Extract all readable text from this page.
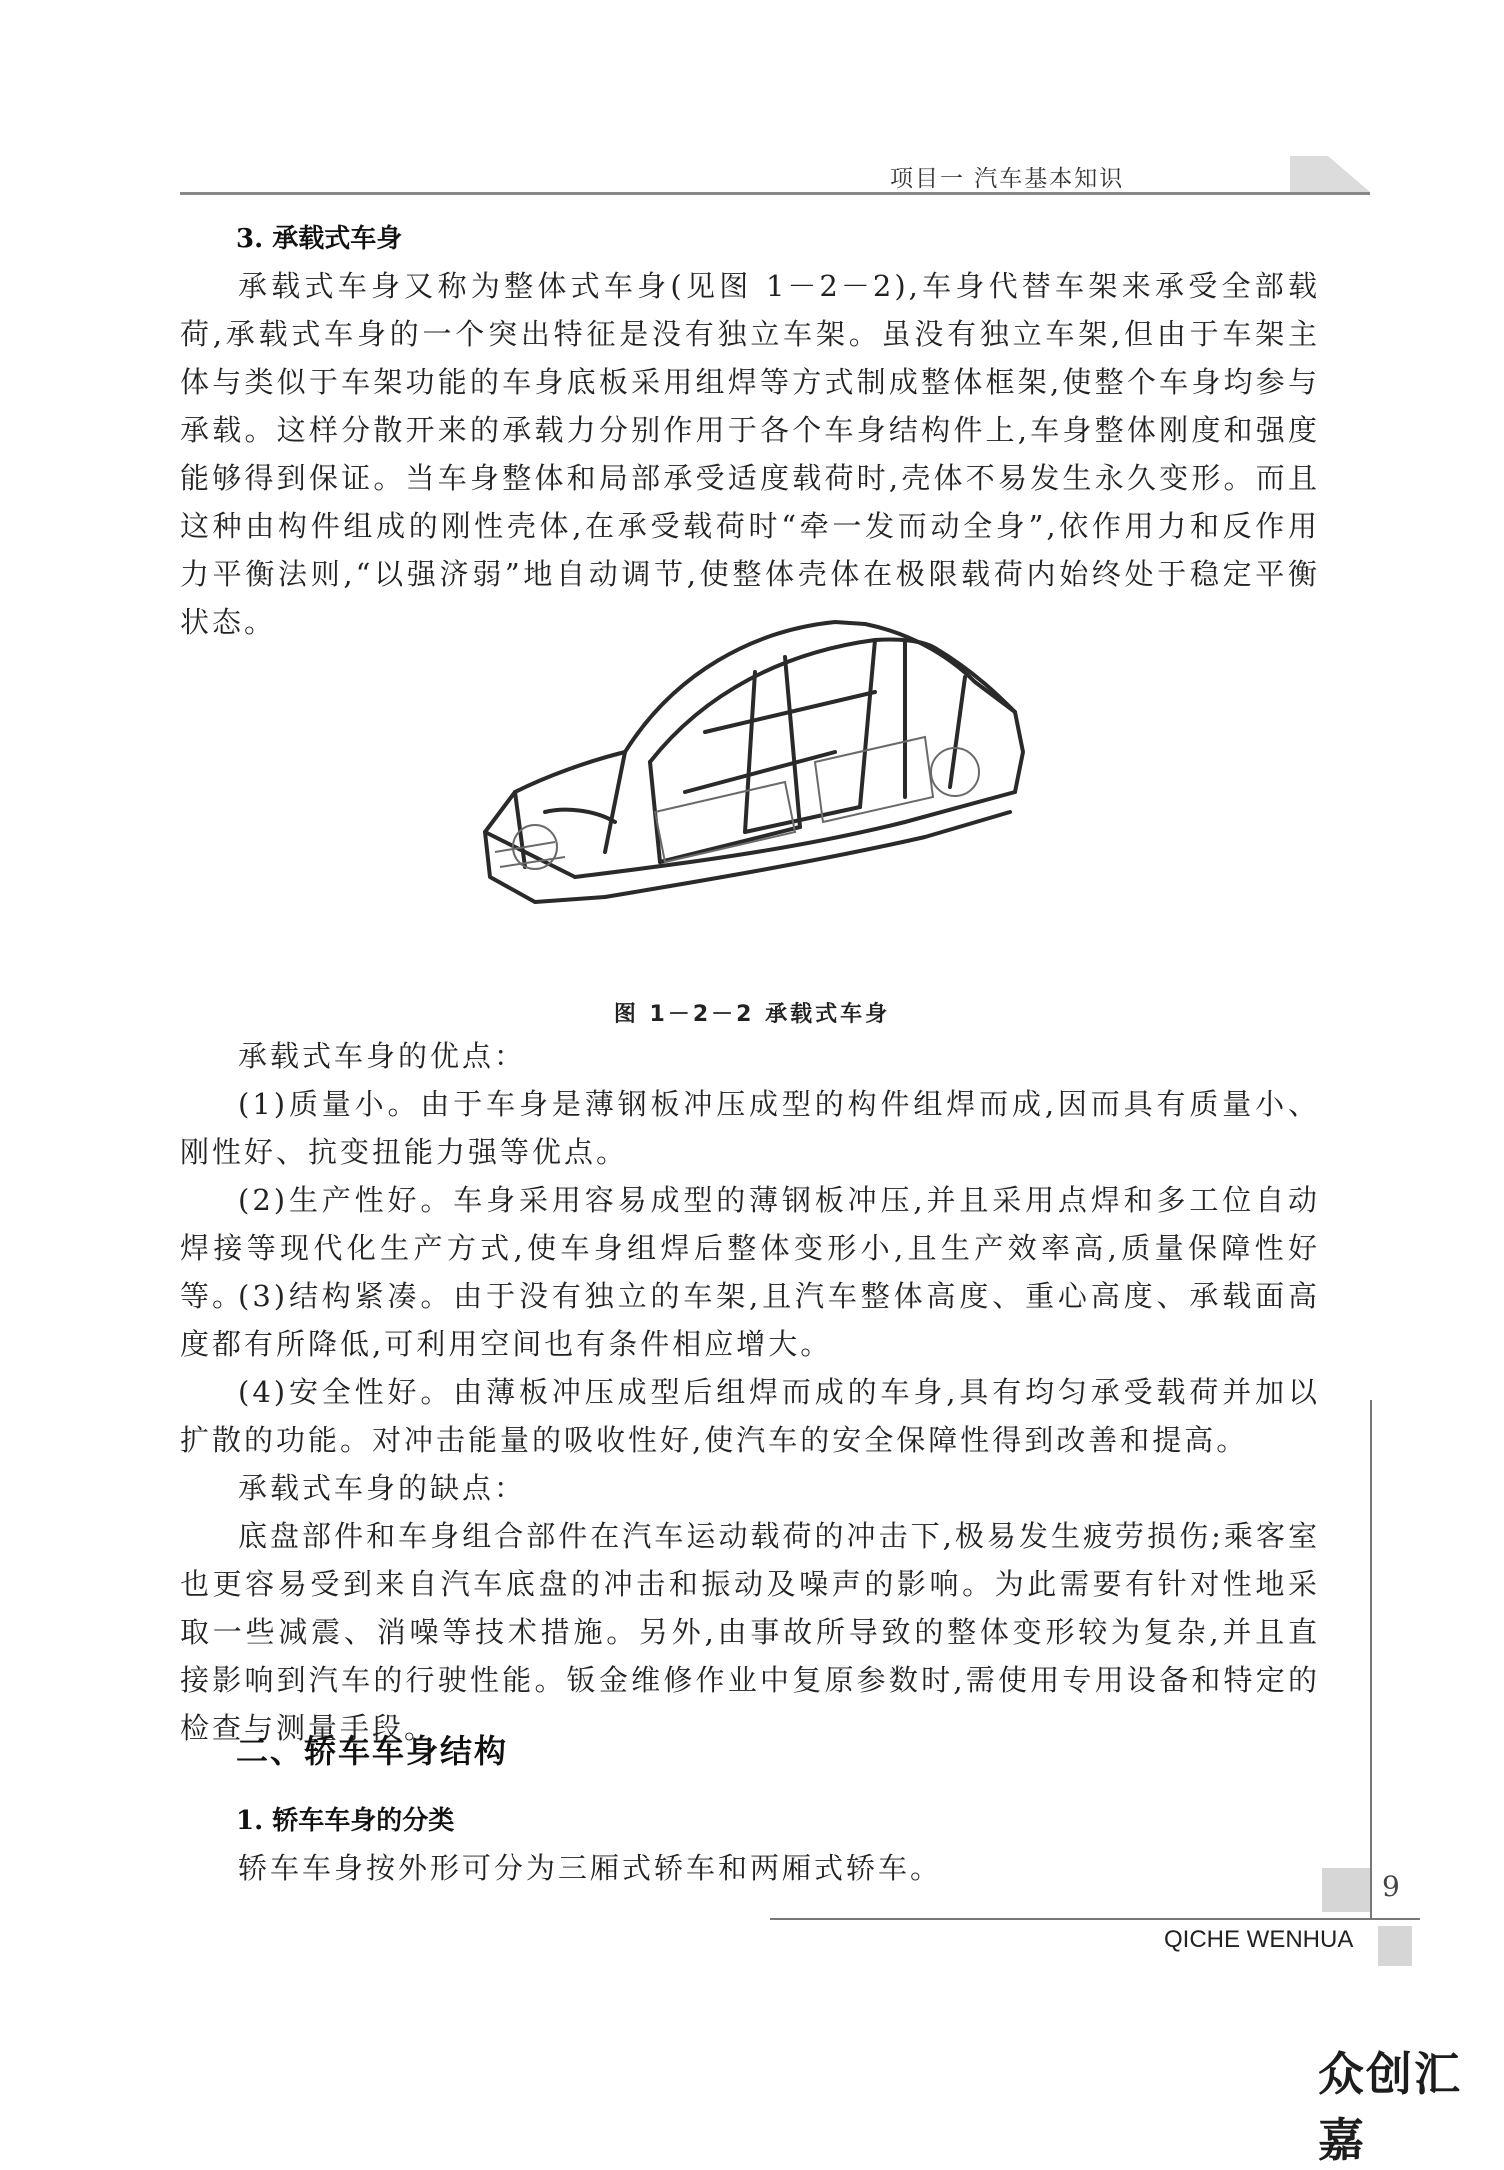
项目一 汽车基本知识
3. 承载式车身
承载式车身又称为整体式车身(见图 1－2－2),车身代替车架来承受全部载荷,承载式车身的一个突出特征是没有独立车架。虽没有独立车架,但由于车架主体与类似于车架功能的车身底板采用组焊等方式制成整体框架,使整个车身均参与承载。这样分散开来的承载力分别作用于各个车身结构件上,车身整体刚度和强度能够得到保证。当车身整体和局部承受适度载荷时,壳体不易发生永久变形。而且这种由构件组成的刚性壳体,在承受载荷时“牵一发而动全身”,依作用力和反作用力平衡法则,“以强济弱”地自动调节,使整体壳体在极限载荷内始终处于稳定平衡状态。
图 1－2－2 承载式车身
承载式车身的优点：
(1)质量小。由于车身是薄钢板冲压成型的构件组焊而成,因而具有质量小、刚性好、抗变扭能力强等优点。
(2)生产性好。车身采用容易成型的薄钢板冲压,并且采用点焊和多工位自动焊接等现代化生产方式,使车身组焊后整体变形小,且生产效率高,质量保障性好等。
(3)结构紧凑。由于没有独立的车架,且汽车整体高度、重心高度、承载面高度都有所降低,可利用空间也有条件相应增大。
(4)安全性好。由薄板冲压成型后组焊而成的车身,具有均匀承受载荷并加以扩散的功能。对冲击能量的吸收性好,使汽车的安全保障性得到改善和提高。
承载式车身的缺点：
底盘部件和车身组合部件在汽车运动载荷的冲击下,极易发生疲劳损伤;乘客室也更容易受到来自汽车底盘的冲击和振动及噪声的影响。为此需要有针对性地采取一些减震、消噪等技术措施。另外,由事故所导致的整体变形较为复杂,并且直接影响到汽车的行驶性能。钣金维修作业中复原参数时,需使用专用设备和特定的检查与测量手段。
二、轿车车身结构
1. 轿车车身的分类
轿车车身按外形可分为三厢式轿车和两厢式轿车。
9
QICHE WENHUA
众创汇嘉
